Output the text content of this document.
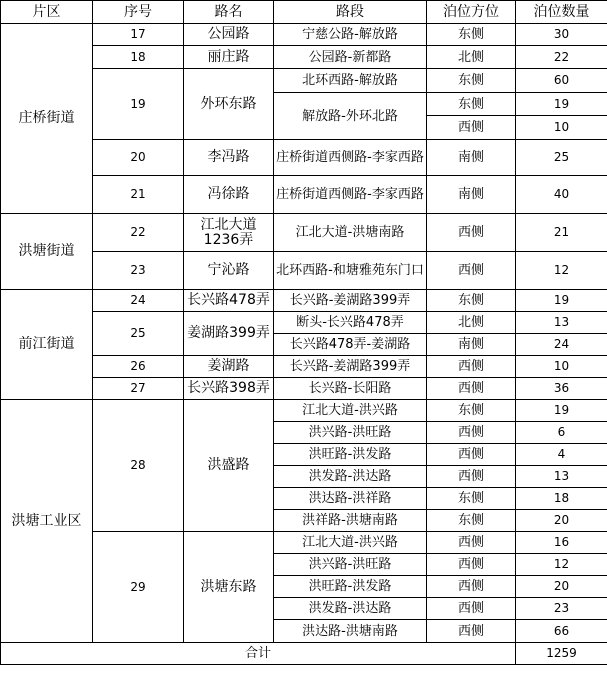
片区	序号	路名	路段	泊位方位	泊位数量
庄桥街道	17	公园路	宁慈公路-解放路	东侧	30
	18	丽庄路	公园路-新都路	北侧	22
	19	外环东路	北环西路-解放路	东侧	60
			解放路-外环北路	东侧	19
				西侧	10
	20	李冯路	庄桥街道西侧路-李家西路	南侧	25
	21	冯徐路	庄桥街道西侧路-李家西路	南侧	40
洪塘街道	22	江北大道1236弄	江北大道-洪塘南路	西侧	21
	23	宁沁路	北环西路-和塘雅苑东门口	西侧	12
前江街道	24	长兴路478弄	长兴路-姜湖路399弄	东侧	19
	25	姜湖路399弄	断头-长兴路478弄	北侧	13
			长兴路478弄-姜湖路	南侧	24
	26	姜湖路	长兴路-姜湖路399弄	西侧	10
	27	长兴路398弄	长兴路-长阳路	西侧	36
洪塘工业区	28	洪盛路	江北大道-洪兴路	东侧	19
			洪兴路-洪旺路	西侧	6
			洪旺路-洪发路	西侧	4
			洪发路-洪达路	西侧	13
			洪达路-洪祥路	东侧	18
			洪祥路-洪塘南路	东侧	20
	29	洪塘东路	江北大道-洪兴路	西侧	16
			洪兴路-洪旺路	西侧	12
			洪旺路-洪发路	西侧	20
			洪发路-洪达路	西侧	23
			洪达路-洪塘南路	西侧	66
合计					1259
